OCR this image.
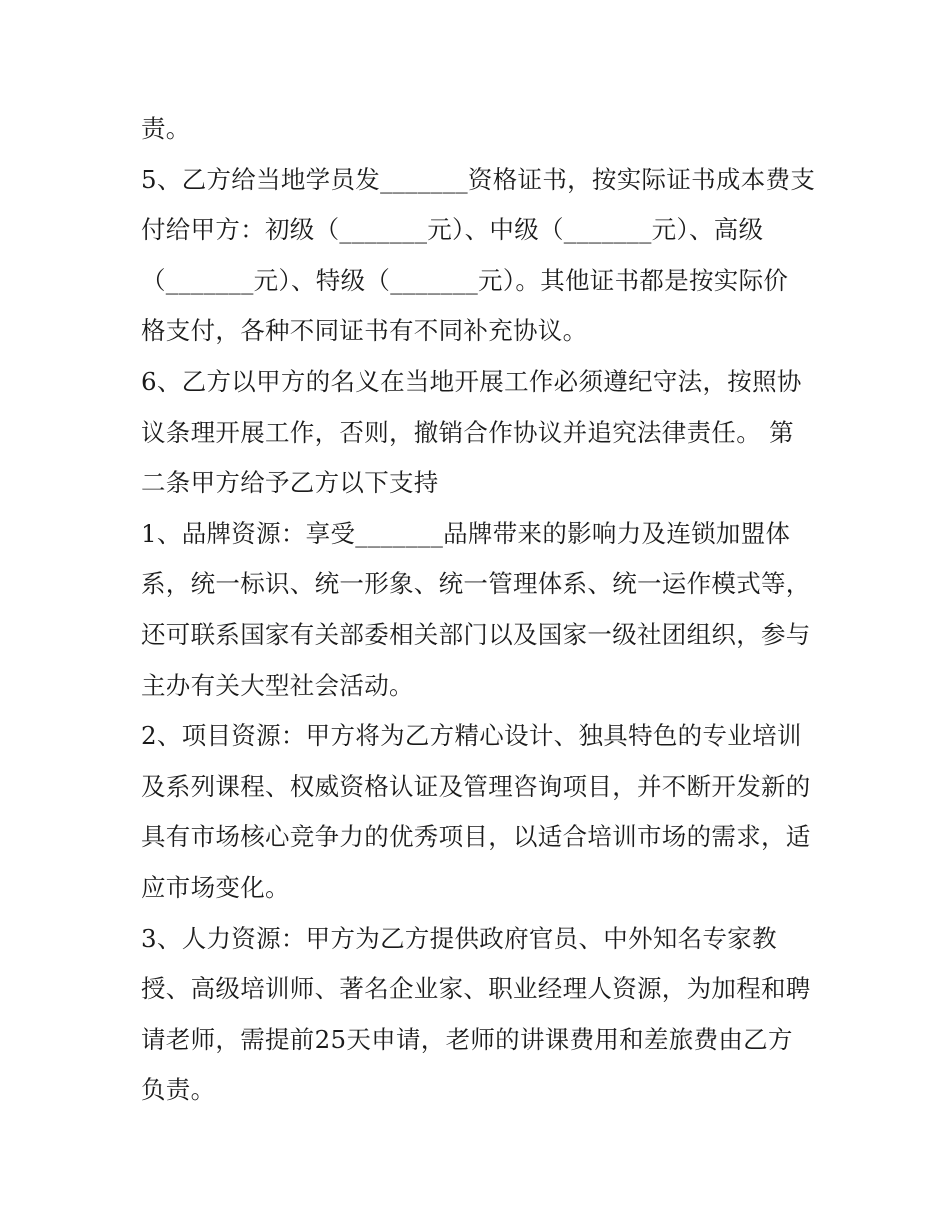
责。
5、乙方给当地学员发_______资格证书，按实际证书成本费支
付给甲方：初级（_______元）、中级（_______元）、高级
（_______元）、特级（_______元）。其他证书都是按实际价
格支付，各种不同证书有不同补充协议。
6、乙方以甲方的名义在当地开展工作必须遵纪守法，按照协
议条理开展工作，否则，撤销合作协议并追究法律责任。 第
二条甲方给予乙方以下支持
1、品牌资源：享受_______品牌带来的影响力及连锁加盟体
系，统一标识、统一形象、统一管理体系、统一运作模式等，
还可联系国家有关部委相关部门以及国家一级社团组织，参与
主办有关大型社会活动。
2、项目资源：甲方将为乙方精心设计、独具特色的专业培训
及系列课程、权威资格认证及管理咨询项目，并不断开发新的
具有市场核心竞争力的优秀项目，以适合培训市场的需求，适
应市场变化。
3、人力资源：甲方为乙方提供政府官员、中外知名专家教
授、高级培训师、著名企业家、职业经理人资源，为加程和聘
请老师，需提前25天申请，老师的讲课费用和差旅费由乙方
负责。
